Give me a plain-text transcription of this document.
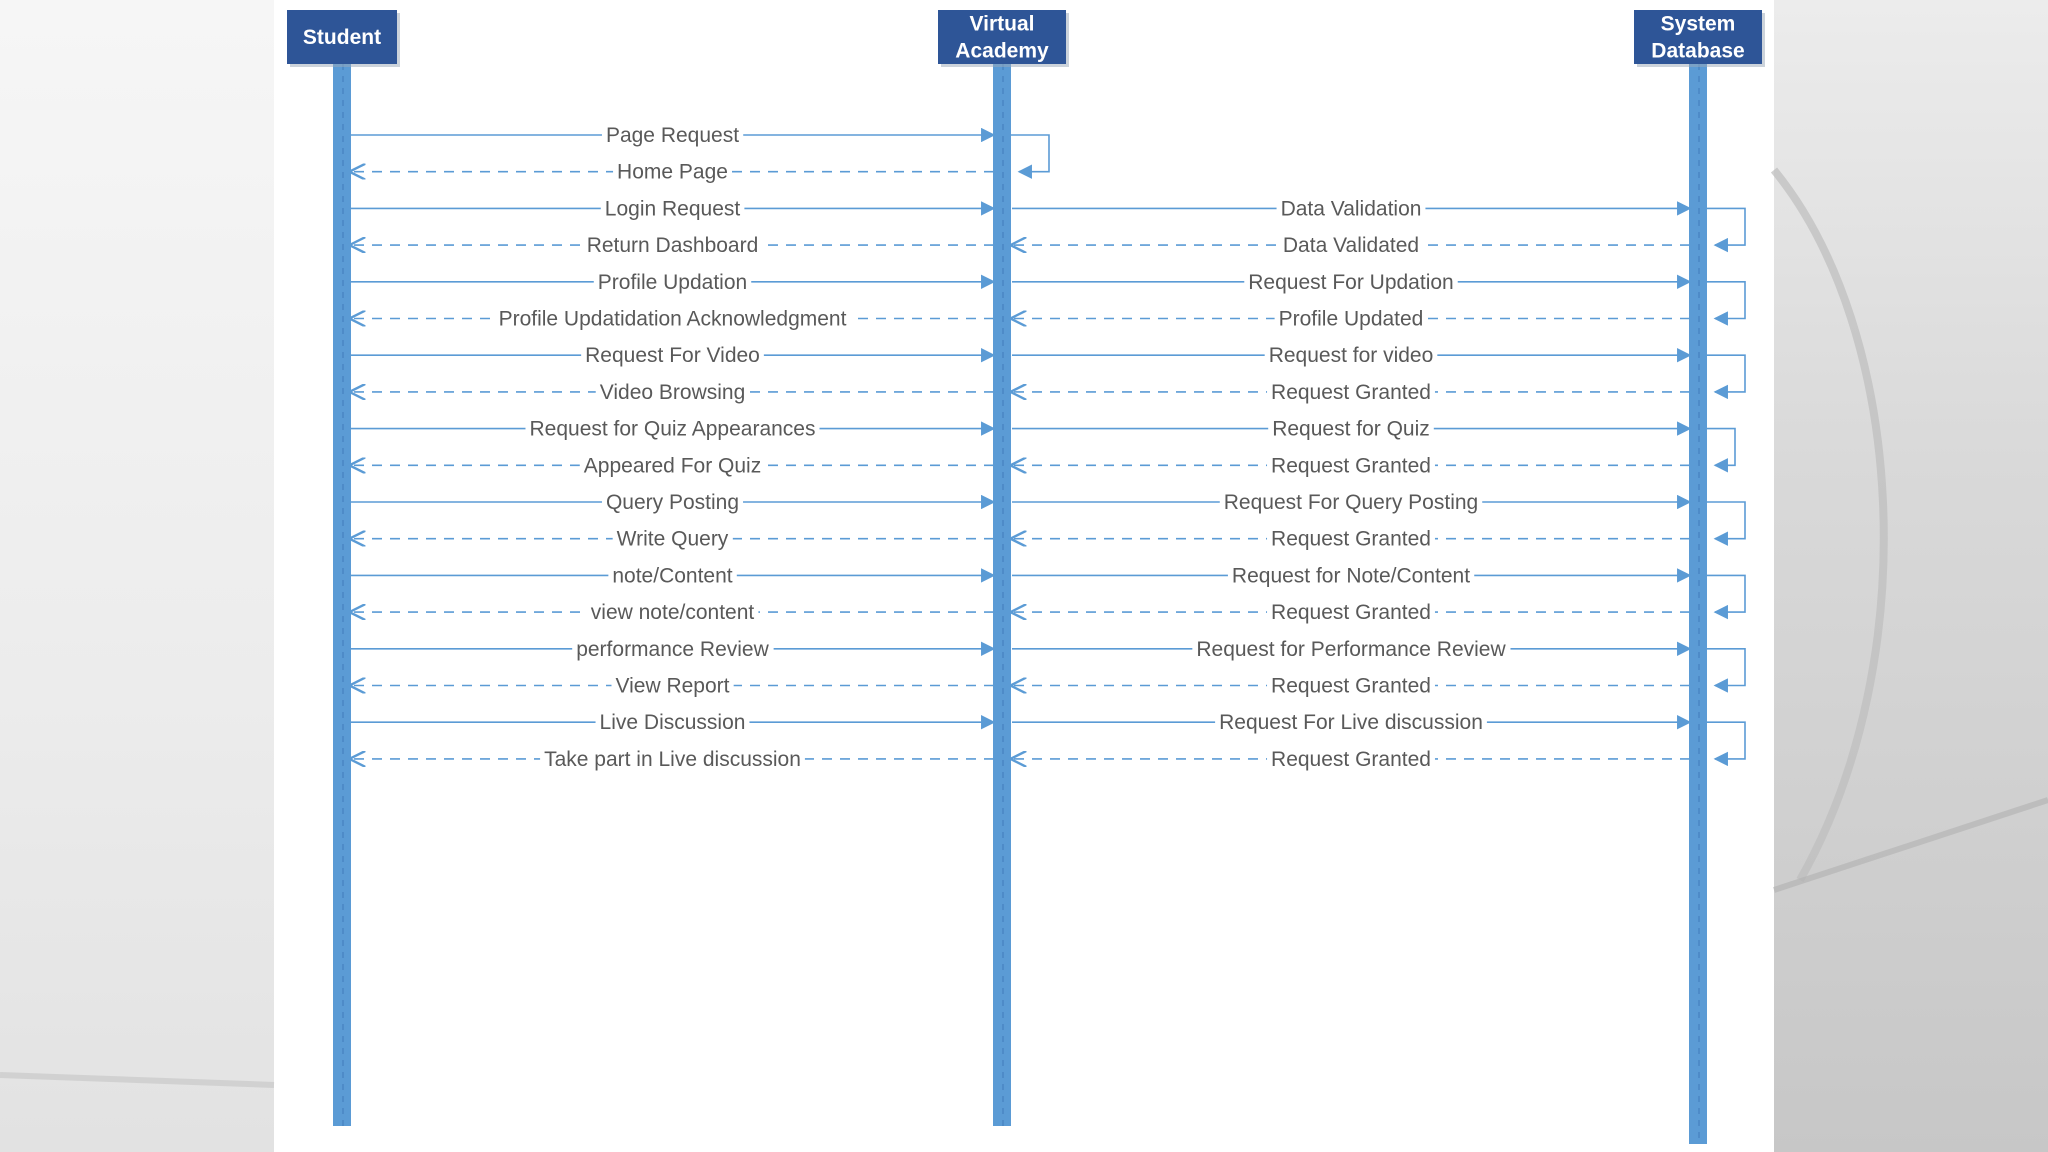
Student
Virtual
Academy
System
Database
Page Request
Home Page
Login Request
Return Dashboard
Profile Updation
Profile Updatidation Acknowledgment
Request For Video
Video Browsing
Request for Quiz Appearances
Appeared For Quiz
Query Posting
Write Query
note/Content
view note/content
performance Review
View Report
Live Discussion
Take part in Live discussion
Data Validation
Data Validated
Request For Updation
Profile Updated
Request for video
Request Granted
Request for Quiz
Request Granted
Request For Query Posting
Request Granted
Request for Note/Content
Request Granted
Request for Performance Review
Request Granted
Request For Live discussion
Request Granted
